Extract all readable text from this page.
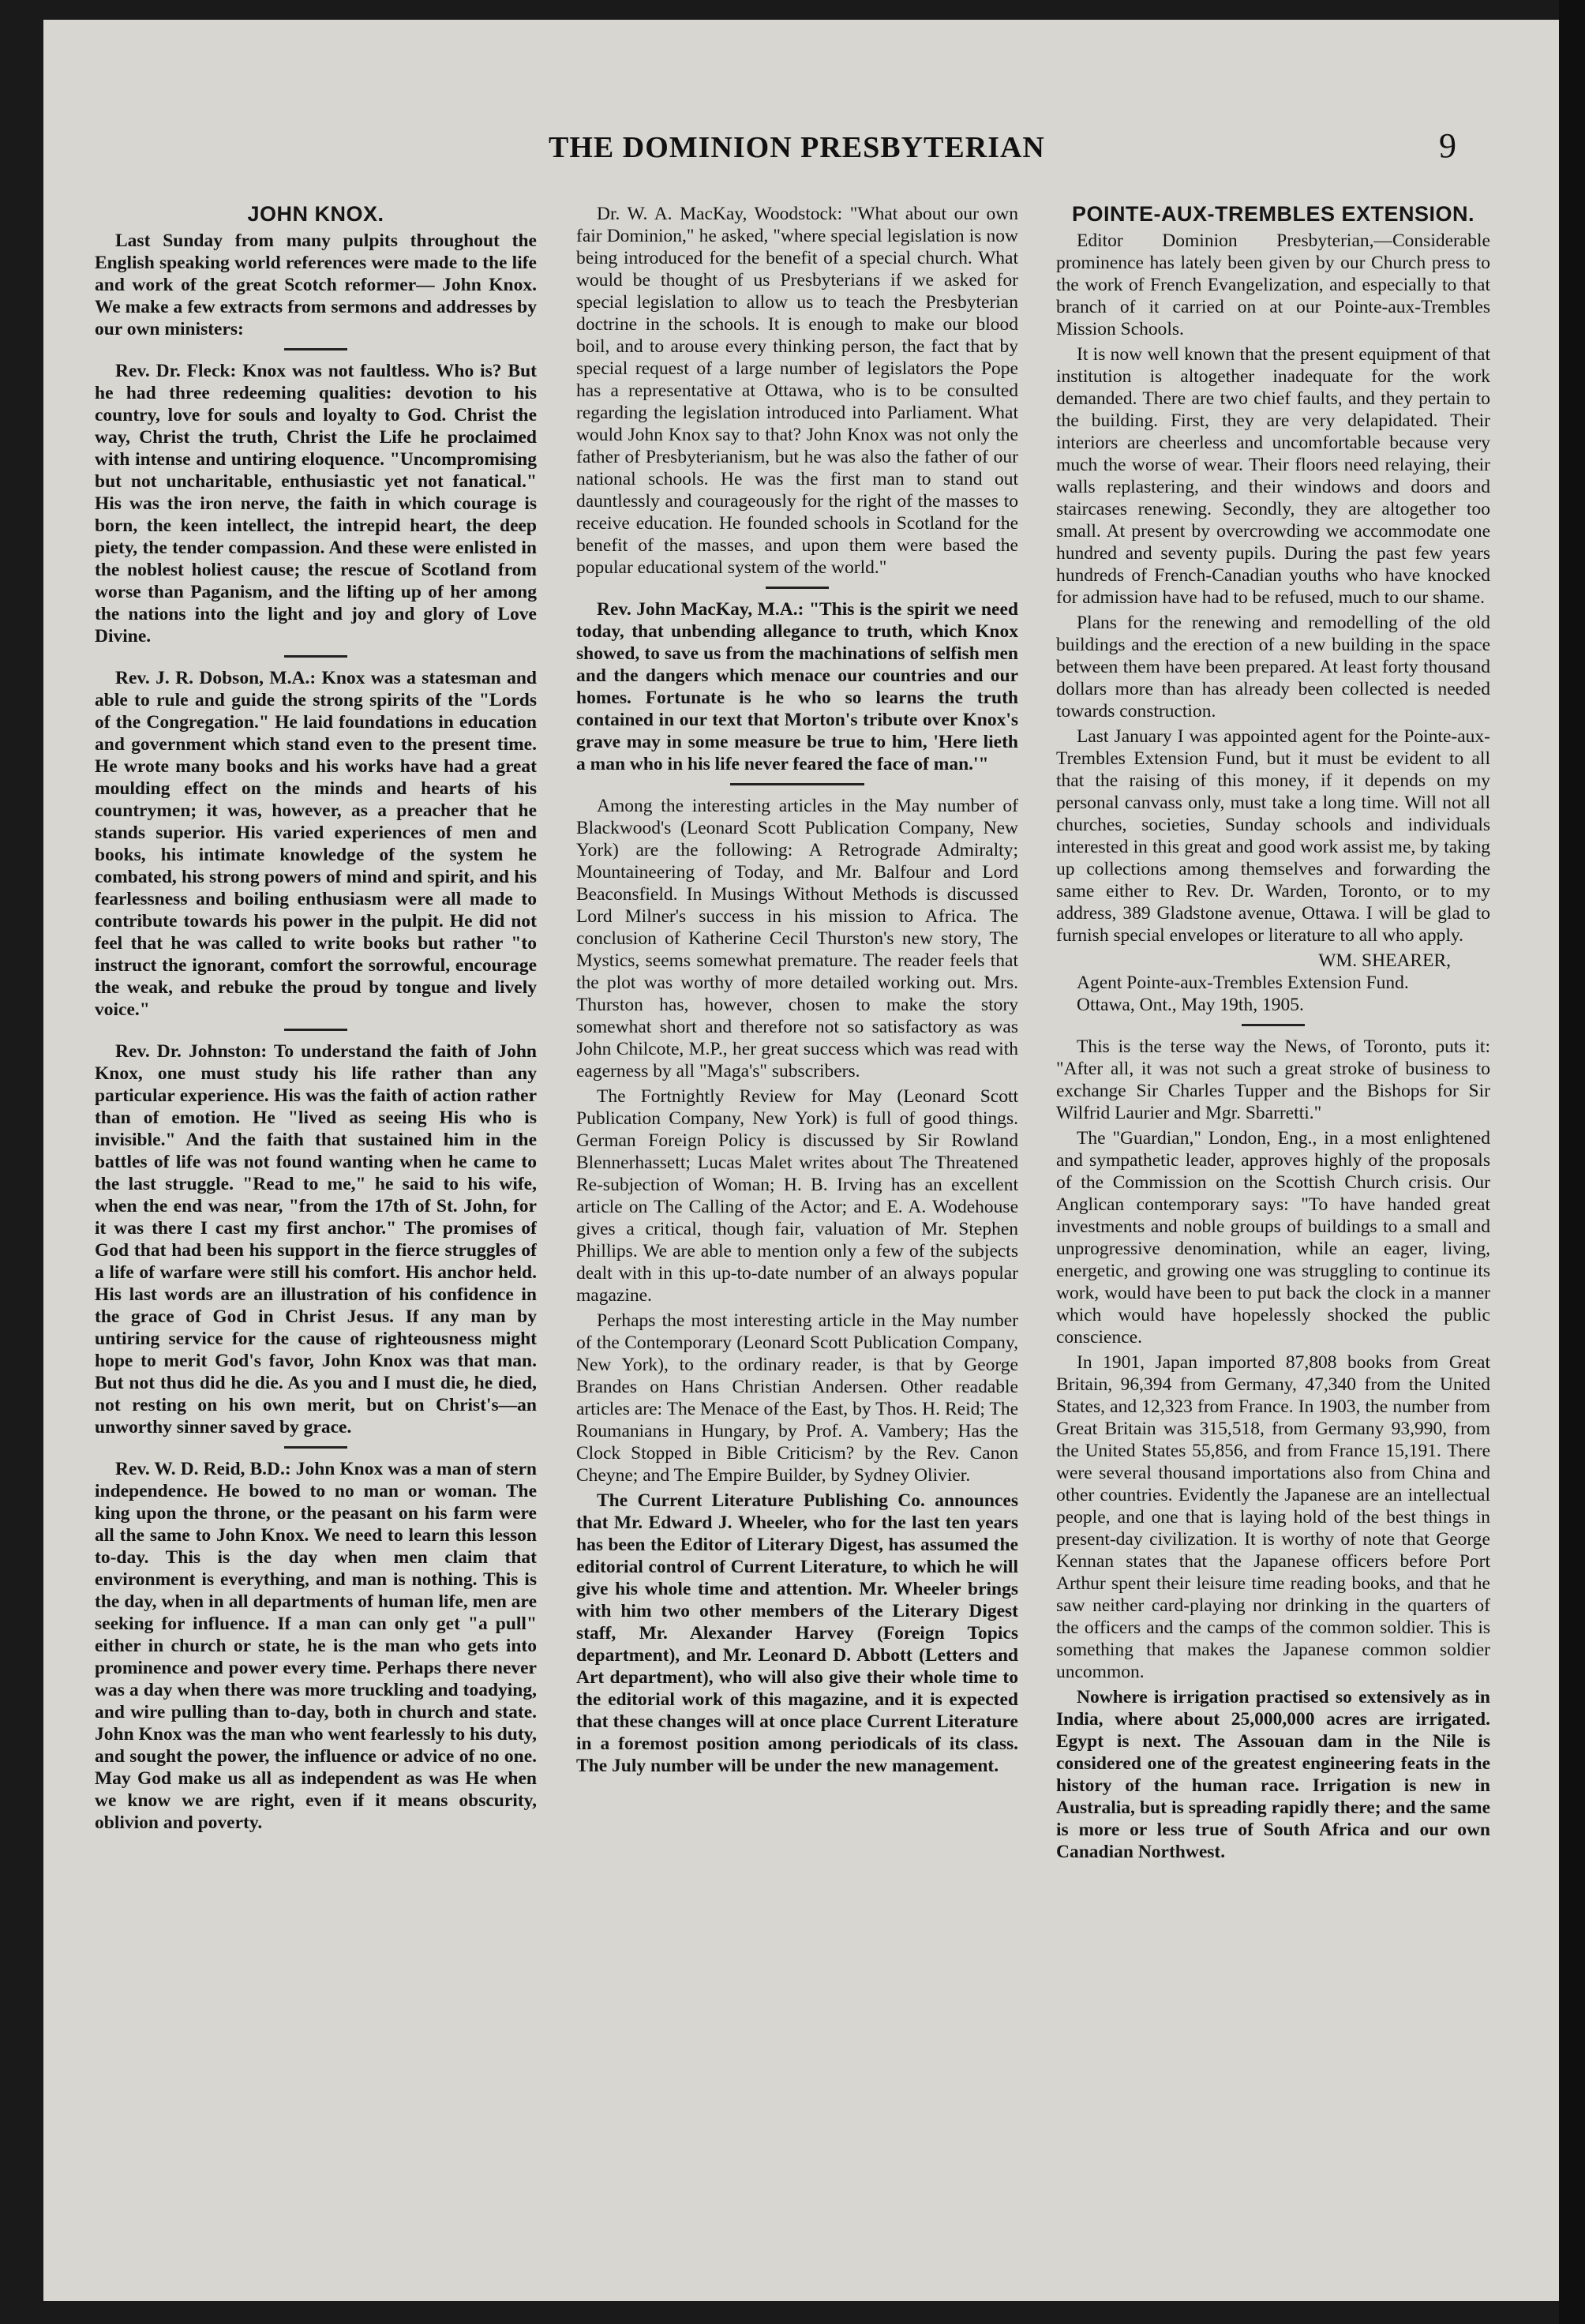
THE DOMINION PRESBYTERIAN	9
JOHN KNOX.

Last Sunday from many pulpits throughout the English speaking world references were made to the life and work of the great Scotch reformer— John Knox. We make a few extracts from sermons and addresses by our own ministers:

Rev. Dr. Fleck: Knox was not faultless. Who is? But he had three redeeming qualities: devotion to his country, love for souls and loyalty to God. Christ the way, Christ the truth, Christ the Life he proclaimed with intense and untiring eloquence. "Uncompromising but not uncharitable, enthusiastic yet not fanatical." His was the iron nerve, the faith in which courage is born, the keen intellect, the intrepid heart, the deep piety, the tender compassion. And these were enlisted in the noblest holiest cause; the rescue of Scotland from worse than Paganism, and the lifting up of her among the nations into the light and joy and glory of Love Divine.

Rev. J. R. Dobson, M.A.: Knox was a statesman and able to rule and guide the strong spirits of the "Lords of the Congregation." He laid foundations in education and government which stand even to the present time. He wrote many books and his works have had a great moulding effect on the minds and hearts of his countrymen; it was, however, as a preacher that he stands superior. His varied experiences of men and books, his intimate knowledge of the system he combated, his strong powers of mind and spirit, and his fearlessness and boiling enthusiasm were all made to contribute towards his power in the pulpit. He did not feel that he was called to write books but rather "to instruct the ignorant, comfort the sorrowful, encourage the weak, and rebuke the proud by tongue and lively voice."

Rev. Dr. Johnston: To understand the faith of John Knox, one must study his life rather than any particular experience. His was the faith of action rather than of emotion. He "lived as seeing His who is invisible." And the faith that sustained him in the battles of life was not found wanting when he came to the last struggle. "Read to me," he said to his wife, when the end was near, "from the 17th of St. John, for it was there I cast my first anchor." The promises of God that had been his support in the fierce struggles of a life of warfare were still his comfort. His anchor held. His last words are an illustration of his confidence in the grace of God in Christ Jesus. If any man by untiring service for the cause of righteousness might hope to merit God's favor, John Knox was that man. But not thus did he die. As you and I must die, he died, not resting on his own merit, but on Christ's—an unworthy sinner saved by grace.

Rev. W. D. Reid, B.D.: John Knox was a man of stern independence. He bowed to no man or woman. The king upon the throne, or the peasant on his farm were all the same to John Knox. We need to learn this lesson to-day. This is the day when men claim that environment is everything, and man is nothing. This is the day, when in all departments of human life, men are seeking for influence. If a man can only get "a pull" either in church or state, he is the man who gets into prominence and power every time. Perhaps there never was a day when there was more truckling and toadying, and wire pulling than to-day, both in church and state. John Knox was the man who went fearlessly to his duty, and sought the power, the influence or advice of no one. May God make us all as independent as was He when we know we are right, even if it means obscurity, oblivion and poverty.

Dr. W. A. MacKay, Woodstock: "What about our own fair Dominion," he asked, "where special legislation is now being introduced for the benefit of a special church. What would be thought of us Presbyterians if we asked for special legislation to allow us to teach the Presbyterian doctrine in the schools. It is enough to make our blood boil, and to arouse every thinking person, the fact that by special request of a large number of legislators the Pope has a representative at Ottawa, who is to be consulted regarding the legislation introduced into Parliament. What would John Knox say to that? John Knox was not only the father of Presbyterianism, but he was also the father of our national schools. He was the first man to stand out dauntlessly and courageously for the right of the masses to receive education. He founded schools in Scotland for the benefit of the masses, and upon them were based the popular educational system of the world."

Rev. John MacKay, M.A.: "This is the spirit we need today, that unbending allegance to truth, which Knox showed, to save us from the machinations of selfish men and the dangers which menace our countries and our homes. Fortunate is he who so learns the truth contained in our text that Morton's tribute over Knox's grave may in some measure be true to him, 'Here lieth a man who in his life never feared the face of man.'"

Among the interesting articles in the May number of Blackwood's (Leonard Scott Publication Company, New York) are the following: A Retrograde Admiralty; Mountaineering of Today, and Mr. Balfour and Lord Beaconsfield. In Musings Without Methods is discussed Lord Milner's success in his mission to Africa. The conclusion of Katherine Cecil Thurston's new story, The Mystics, seems somewhat premature. The reader feels that the plot was worthy of more detailed working out. Mrs. Thurston has, however, chosen to make the story somewhat short and therefore not so satisfactory as was John Chilcote, M.P., her great success which was read with eagerness by all "Maga's" subscribers.

The Fortnightly Review for May (Leonard Scott Publication Company, New York) is full of good things. German Foreign Policy is discussed by Sir Rowland Blennerhassett; Lucas Malet writes about The Threatened Re-subjection of Woman; H. B. Irving has an excellent article on The Calling of the Actor; and E. A. Wodehouse gives a critical, though fair, valuation of Mr. Stephen Phillips. We are able to mention only a few of the subjects dealt with in this up-to-date number of an always popular magazine.

Perhaps the most interesting article in the May number of the Contemporary (Leonard Scott Publication Company, New York), to the ordinary reader, is that by George Brandes on Hans Christian Andersen. Other readable articles are: The Menace of the East, by Thos. H. Reid; The Roumanians in Hungary, by Prof. A. Vambery; Has the Clock Stopped in Bible Criticism? by the Rev. Canon Cheyne; and The Empire Builder, by Sydney Olivier.

The Current Literature Publishing Co. announces that Mr. Edward J. Wheeler, who for the last ten years has been the Editor of Literary Digest, has assumed the editorial control of Current Literature, to which he will give his whole time and attention. Mr. Wheeler brings with him two other members of the Literary Digest staff, Mr. Alexander Harvey (Foreign Topics department), and Mr. Leonard D. Abbott (Letters and Art department), who will also give their whole time to the editorial work of this magazine, and it is expected that these changes will at once place Current Literature in a foremost position among periodicals of its class. The July number will be under the new management.

POINTE-AUX-TREMBLES EXTENSION.

Editor Dominion Presbyterian,—Considerable prominence has lately been given by our Church press to the work of French Evangelization, and especially to that branch of it carried on at our Pointe-aux-Trembles Mission Schools.

It is now well known that the present equipment of that institution is altogether inadequate for the work demanded. There are two chief faults, and they pertain to the building. First, they are very delapidated. Their interiors are cheerless and uncomfortable because very much the worse of wear. Their floors need relaying, their walls replastering, and their windows and doors and staircases renewing. Secondly, they are altogether too small. At present by overcrowding we accommodate one hundred and seventy pupils. During the past few years hundreds of French-Canadian youths who have knocked for admission have had to be refused, much to our shame.

Plans for the renewing and remodelling of the old buildings and the erection of a new building in the space between them have been prepared. At least forty thousand dollars more than has already been collected is needed towards construction.

Last January I was appointed agent for the Pointe-aux-Trembles Extension Fund, but it must be evident to all that the raising of this money, if it depends on my personal canvass only, must take a long time. Will not all churches, societies, Sunday schools and individuals interested in this great and good work assist me, by taking up collections among themselves and forwarding the same either to Rev. Dr. Warden, Toronto, or to my address, 389 Gladstone avenue, Ottawa. I will be glad to furnish special envelopes or literature to all who apply.

WM. SHEARER,

Agent Pointe-aux-Trembles Extension Fund.

Ottawa, Ont., May 19th, 1905.

This is the terse way the News, of Toronto, puts it: "After all, it was not such a great stroke of business to exchange Sir Charles Tupper and the Bishops for Sir Wilfrid Laurier and Mgr. Sbarretti."

The "Guardian," London, Eng., in a most enlightened and sympathetic leader, approves highly of the proposals of the Commission on the Scottish Church crisis. Our Anglican contemporary says: "To have handed great investments and noble groups of buildings to a small and unprogressive denomination, while an eager, living, energetic, and growing one was struggling to continue its work, would have been to put back the clock in a manner which would have hopelessly shocked the public conscience.

In 1901, Japan imported 87,808 books from Great Britain, 96,394 from Germany, 47,340 from the United States, and 12,323 from France. In 1903, the number from Great Britain was 315,518, from Germany 93,990, from the United States 55,856, and from France 15,191. There were several thousand importations also from China and other countries. Evidently the Japanese are an intellectual people, and one that is laying hold of the best things in present-day civilization. It is worthy of note that George Kennan states that the Japanese officers before Port Arthur spent their leisure time reading books, and that he saw neither card-playing nor drinking in the quarters of the officers and the camps of the common soldier. This is something that makes the Japanese common soldier uncommon.

Nowhere is irrigation practised so extensively as in India, where about 25,000,000 acres are irrigated. Egypt is next. The Assouan dam in the Nile is considered one of the greatest engineering feats in the history of the human race. Irrigation is new in Australia, but is spreading rapidly there; and the same is more or less true of South Africa and our own Canadian Northwest.
